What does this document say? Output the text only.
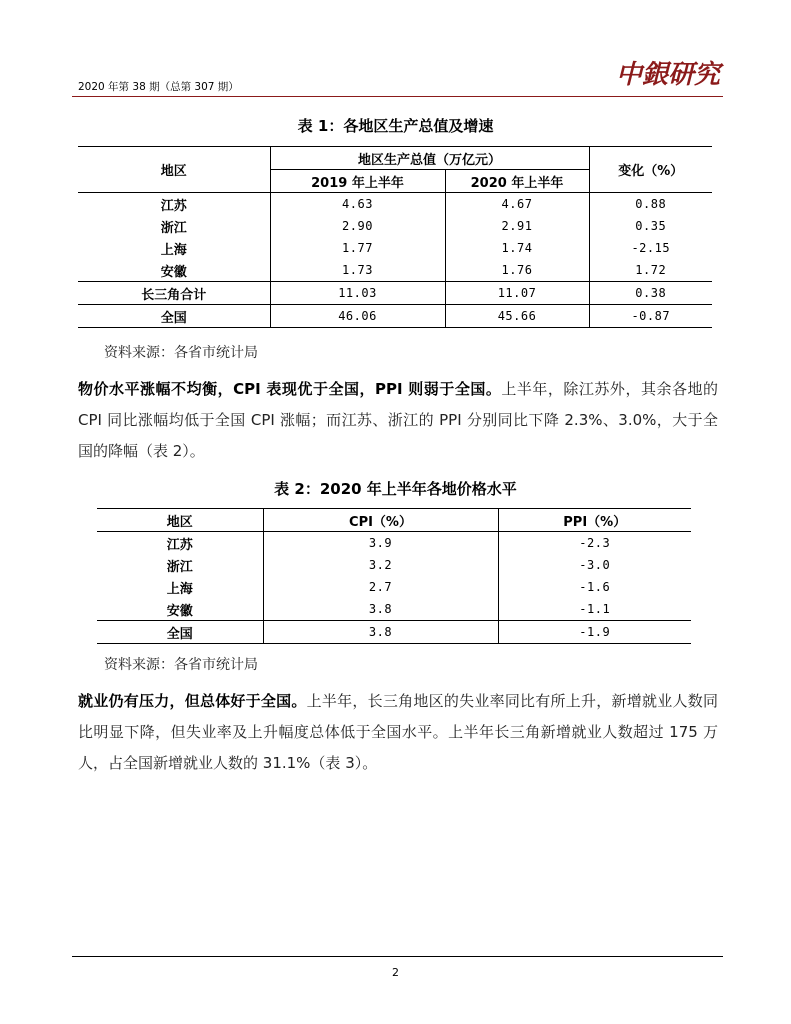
2020 年第 38 期（总第 307 期）	中銀研究
表 1：各地区生产总值及增速
地区	地区生产总值（万亿元）		变化（%）
	2019 年上半年	2020 年上半年	
江苏	4.63	4.67	0.88
浙江	2.90	2.91	0.35
上海	1.77	1.74	-2.15
安徽	1.73	1.76	1.72
长三角合计	11.03	11.07	0.38
全国	46.06	45.66	-0.87
资料来源：各省市统计局
物价水平涨幅不均衡，CPI 表现优于全国，PPI 则弱于全国。上半年，除江苏外，其余各地的 CPI 同比涨幅均低于全国 CPI 涨幅；而江苏、浙江的 PPI 分别同比下降 2.3%、3.0%，大于全国的降幅（表 2）。
表 2：2020 年上半年各地价格水平
地区	CPI（%）	PPI（%）
江苏	3.9	-2.3
浙江	3.2	-3.0
上海	2.7	-1.6
安徽	3.8	-1.1
全国	3.8	-1.9
资料来源：各省市统计局
就业仍有压力，但总体好于全国。上半年，长三角地区的失业率同比有所上升，新增就业人数同比明显下降，但失业率及上升幅度总体低于全国水平。上半年长三角新增就业人数超过 175 万人，占全国新增就业人数的 31.1%（表 3）。
2
